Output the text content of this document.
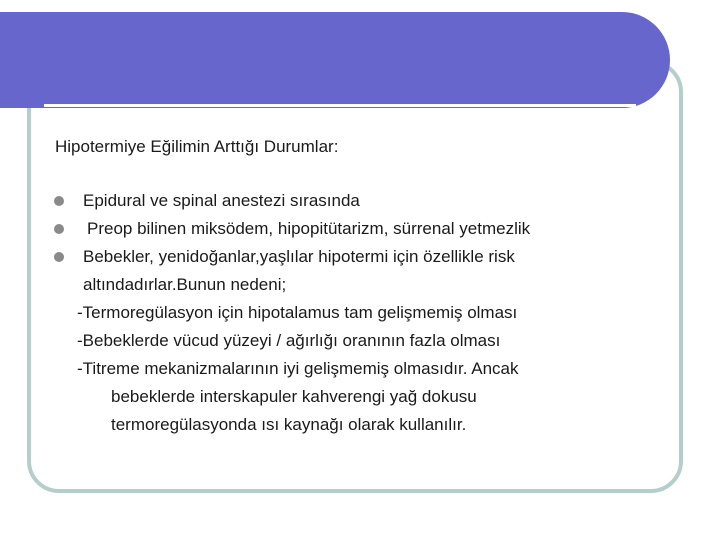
Hipotermiye Eğilimin Arttığı Durumlar:
Epidural ve spinal anestezi sırasında
Preop bilinen miksödem, hipopitütarizm, sürrenal yetmezlik
Bebekler, yenidoğanlar,yaşlılar hipotermi için özellikle risk
altındadırlar.Bunun nedeni;
-Termoregülasyon için hipotalamus tam gelişmemiş olması
-Bebeklerde vücud yüzeyi / ağırlığı oranının fazla olması
-Titreme mekanizmalarının iyi gelişmemiş olmasıdır. Ancak
bebeklerde interskapuler kahverengi yağ dokusu
termoregülasyonda ısı kaynağı olarak kullanılır.
